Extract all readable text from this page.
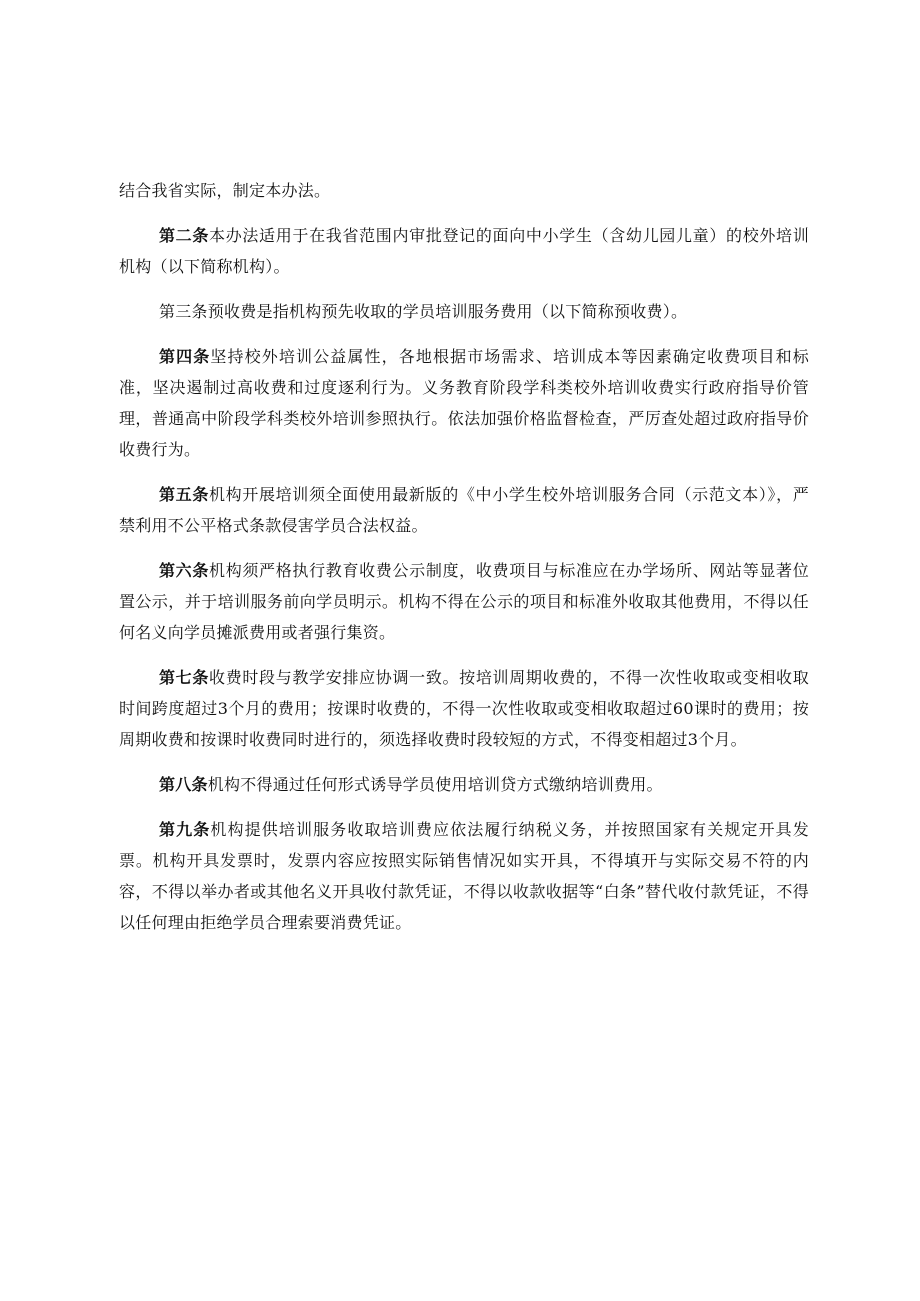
结合我省实际，制定本办法。

第二条本办法适用于在我省范围内审批登记的面向中小学生（含幼儿园儿童）的校外培训机构（以下简称机构）。

第三条预收费是指机构预先收取的学员培训服务费用（以下简称预收费）。

第四条坚持校外培训公益属性，各地根据市场需求、培训成本等因素确定收费项目和标准，坚决遏制过高收费和过度逐利行为。义务教育阶段学科类校外培训收费实行政府指导价管理，普通高中阶段学科类校外培训参照执行。依法加强价格监督检查，严厉查处超过政府指导价收费行为。

第五条机构开展培训须全面使用最新版的《中小学生校外培训服务合同（示范文本）》，严禁利用不公平格式条款侵害学员合法权益。

第六条机构须严格执行教育收费公示制度，收费项目与标准应在办学场所、网站等显著位置公示，并于培训服务前向学员明示。机构不得在公示的项目和标准外收取其他费用，不得以任何名义向学员摊派费用或者强行集资。

第七条收费时段与教学安排应协调一致。按培训周期收费的，不得一次性收取或变相收取时间跨度超过3个月的费用；按课时收费的，不得一次性收取或变相收取超过60课时的费用；按周期收费和按课时收费同时进行的，须选择收费时段较短的方式，不得变相超过3个月。

第八条机构不得通过任何形式诱导学员使用培训贷方式缴纳培训费用。

第九条机构提供培训服务收取培训费应依法履行纳税义务，并按照国家有关规定开具发票。机构开具发票时，发票内容应按照实际销售情况如实开具，不得填开与实际交易不符的内容，不得以举办者或其他名义开具收付款凭证，不得以收款收据等“白条”替代收付款凭证，不得以任何理由拒绝学员合理索要消费凭证。
